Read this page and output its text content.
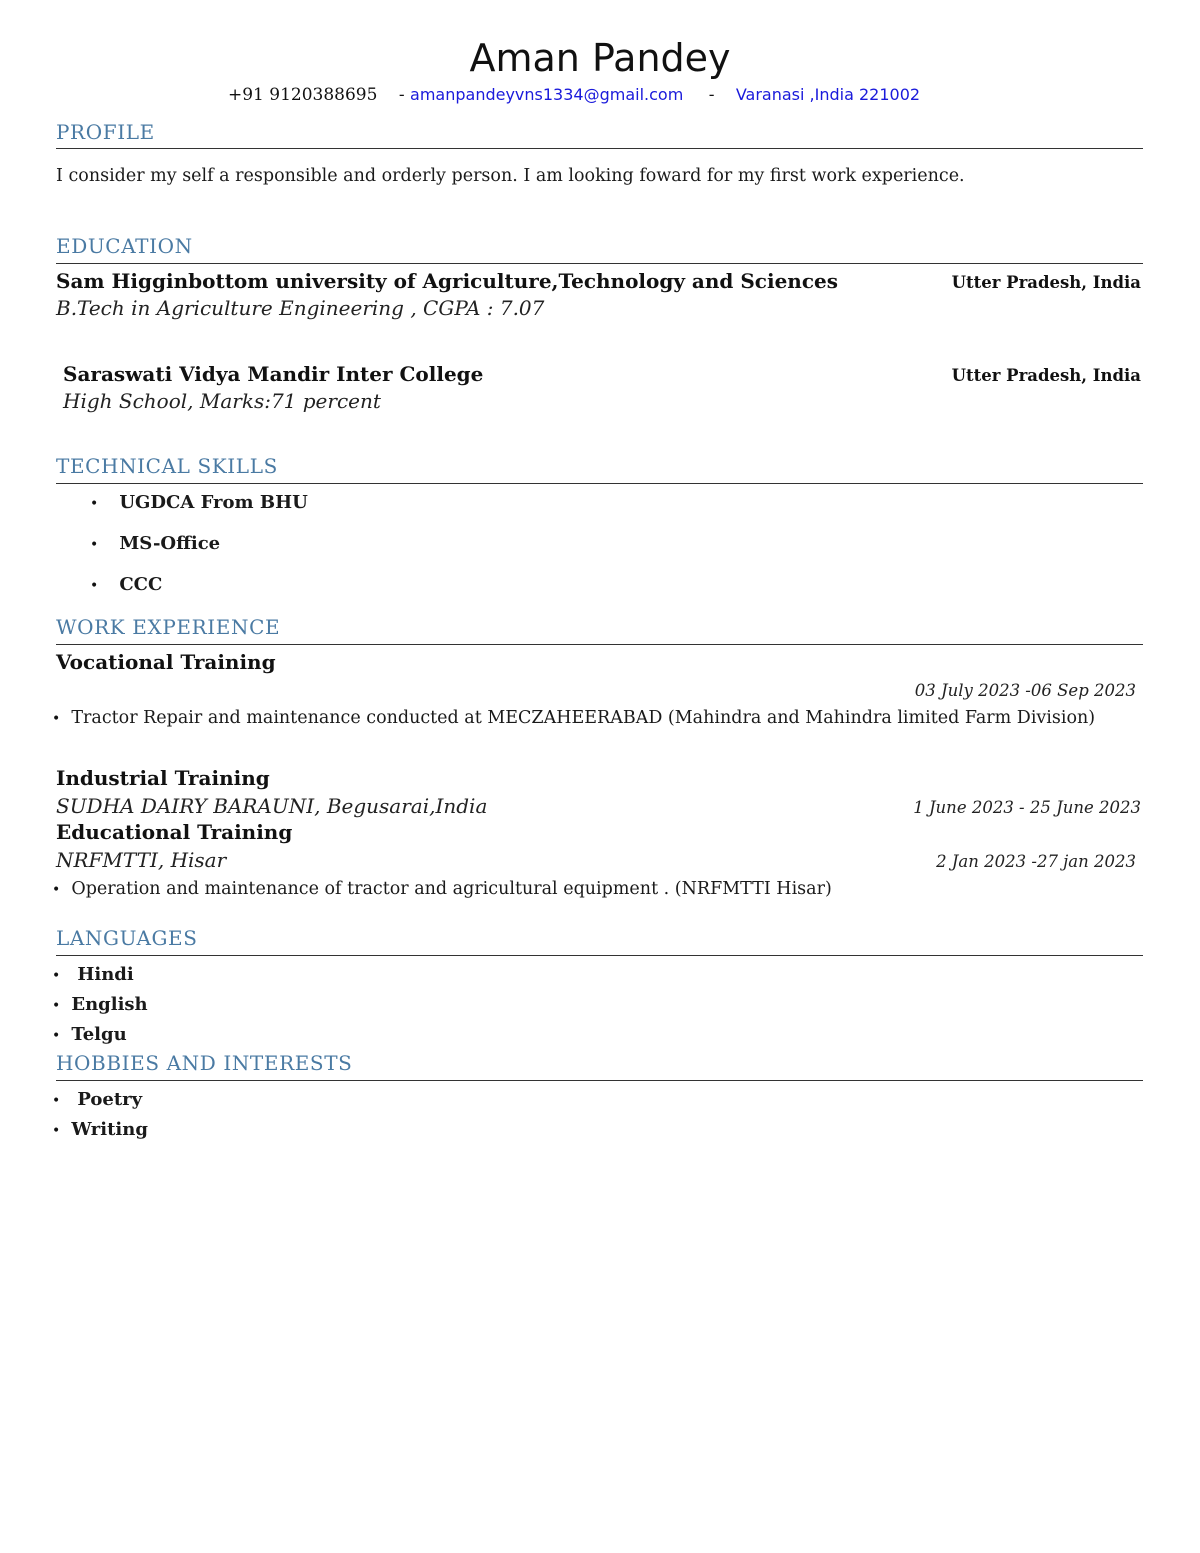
Aman Pandey
+91 9120388695 - amanpandeyvns1334@gmail.com - Varanasi ,India 221002
PROFILE
I consider my self a responsible and orderly person. I am looking foward for my first work experience.
EDUCATION
Sam Higginbottom university of Agriculture,Technology and Sciences	Utter Pradesh, India
B.Tech in Agriculture Engineering , CGPA : 7.07
Saraswati Vidya Mandir Inter College	Utter Pradesh, India
High School, Marks:71 percent
TECHNICAL SKILLS
• UGDCA From BHU
• MS-Office
• CCC
WORK EXPERIENCE
Vocational Training
03 July 2023 -06 Sep 2023
• Tractor Repair and maintenance conducted at MECZAHEERABAD (Mahindra and Mahindra limited Farm Division)
Industrial Training
SUDHA DAIRY BARAUNI, Begusarai,India	1 June 2023 - 25 June 2023
Educational Training
NRFMTTI, Hisar	2 Jan 2023 -27 jan 2023
• Operation and maintenance of tractor and agricultural equipment . (NRFMTTI Hisar)
LANGUAGES
• Hindi
• English
• Telgu
HOBBIES AND INTERESTS
• Poetry
• Writing
